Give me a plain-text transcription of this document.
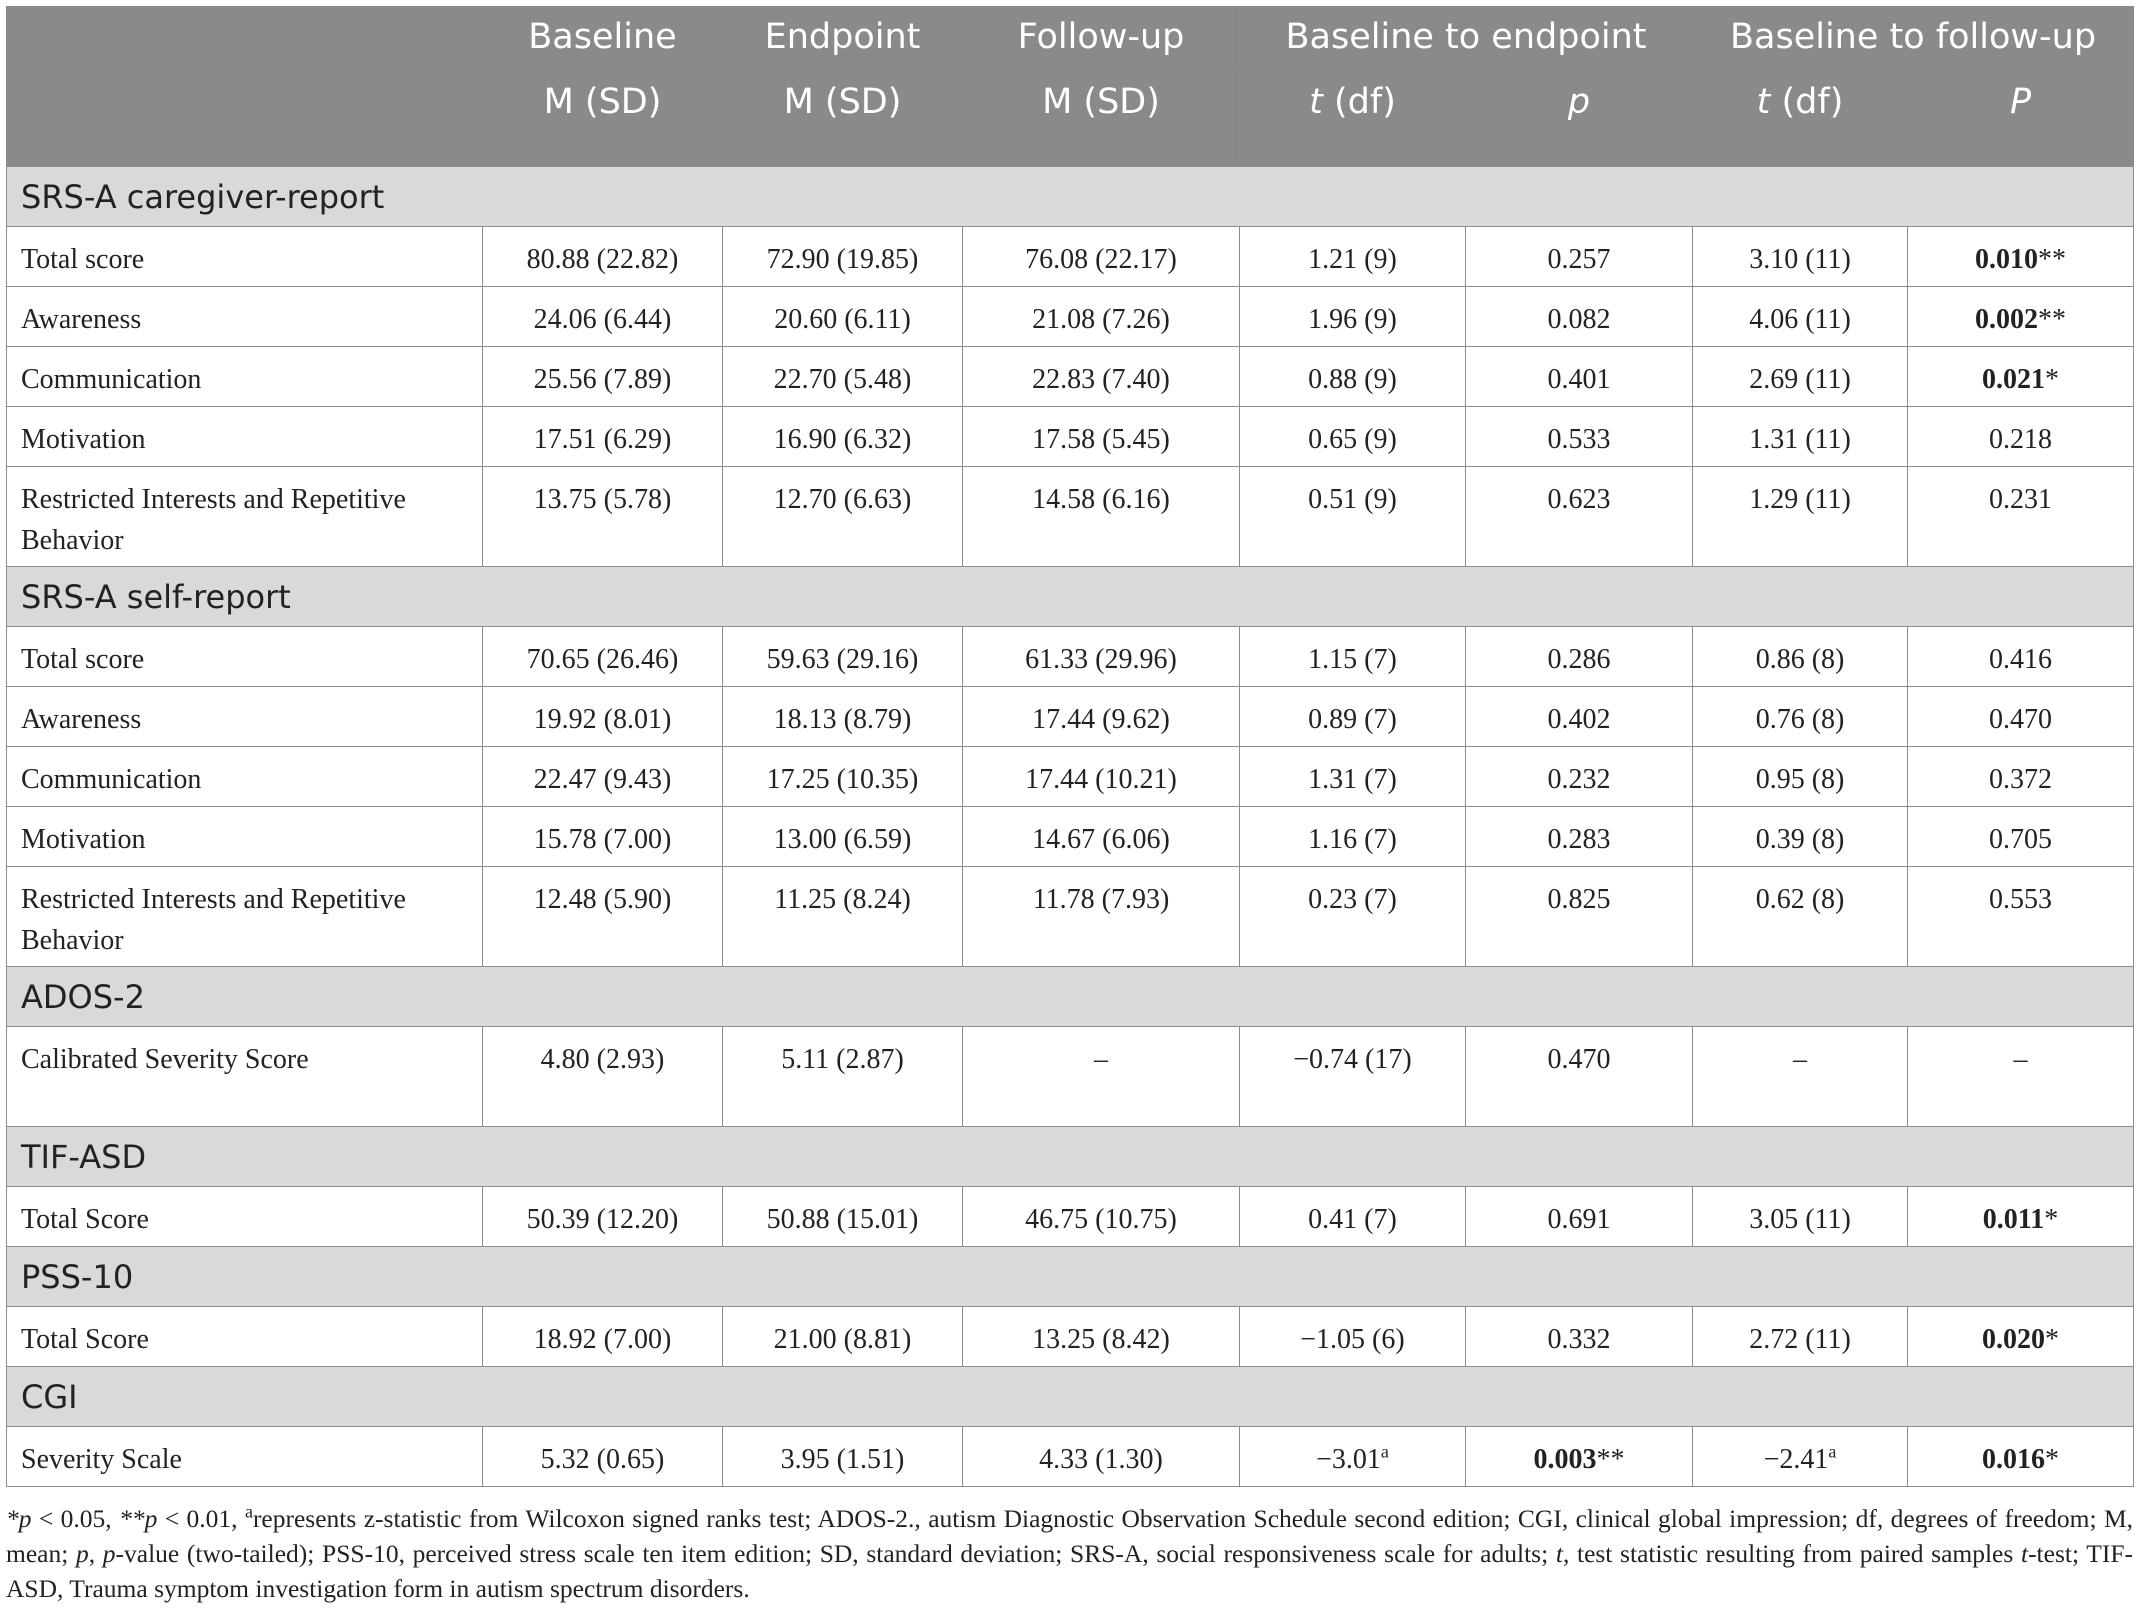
	Baseline	Endpoint	Follow-up	Baseline to endpoint		Baseline to follow-up	
	M (SD)	M (SD)	M (SD)	t (df)	p	t (df)	P
SRS-A caregiver-report							
Total score	80.88 (22.82)	72.90 (19.85)	76.08 (22.17)	1.21 (9)	0.257	3.10 (11)	0.010**
Awareness	24.06 (6.44)	20.60 (6.11)	21.08 (7.26)	1.96 (9)	0.082	4.06 (11)	0.002**
Communication	25.56 (7.89)	22.70 (5.48)	22.83 (7.40)	0.88 (9)	0.401	2.69 (11)	0.021*
Motivation	17.51 (6.29)	16.90 (6.32)	17.58 (5.45)	0.65 (9)	0.533	1.31 (11)	0.218
Restricted Interests and Repetitive Behavior	13.75 (5.78)	12.70 (6.63)	14.58 (6.16)	0.51 (9)	0.623	1.29 (11)	0.231
SRS-A self-report							
Total score	70.65 (26.46)	59.63 (29.16)	61.33 (29.96)	1.15 (7)	0.286	0.86 (8)	0.416
Awareness	19.92 (8.01)	18.13 (8.79)	17.44 (9.62)	0.89 (7)	0.402	0.76 (8)	0.470
Communication	22.47 (9.43)	17.25 (10.35)	17.44 (10.21)	1.31 (7)	0.232	0.95 (8)	0.372
Motivation	15.78 (7.00)	13.00 (6.59)	14.67 (6.06)	1.16 (7)	0.283	0.39 (8)	0.705
Restricted Interests and Repetitive Behavior	12.48 (5.90)	11.25 (8.24)	11.78 (7.93)	0.23 (7)	0.825	0.62 (8)	0.553
ADOS-2							
Calibrated Severity Score	4.80 (2.93)	5.11 (2.87)	–	−0.74 (17)	0.470	–	–
TIF-ASD							
Total Score	50.39 (12.20)	50.88 (15.01)	46.75 (10.75)	0.41 (7)	0.691	3.05 (11)	0.011*
PSS-10							
Total Score	18.92 (7.00)	21.00 (8.81)	13.25 (8.42)	−1.05 (6)	0.332	2.72 (11)	0.020*
CGI							
Severity Scale	5.32 (0.65)	3.95 (1.51)	4.33 (1.30)	−3.01$^a$	0.003**	−2.41$^a$	0.016*
*p < 0.05, **p < 0.01, $^a$represents z-statistic from Wilcoxon signed ranks test; ADOS-2., autism Diagnostic Observation Schedule second edition; CGI, clinical global impression; df, degrees of freedom; M, mean; p, p-value (two-tailed); PSS-10, perceived stress scale ten item edition; SD, standard deviation; SRS-A, social responsiveness scale for adults; t, test statistic resulting from paired samples t-test; TIF-ASD, Trauma symptom investigation form in autism spectrum disorders.
